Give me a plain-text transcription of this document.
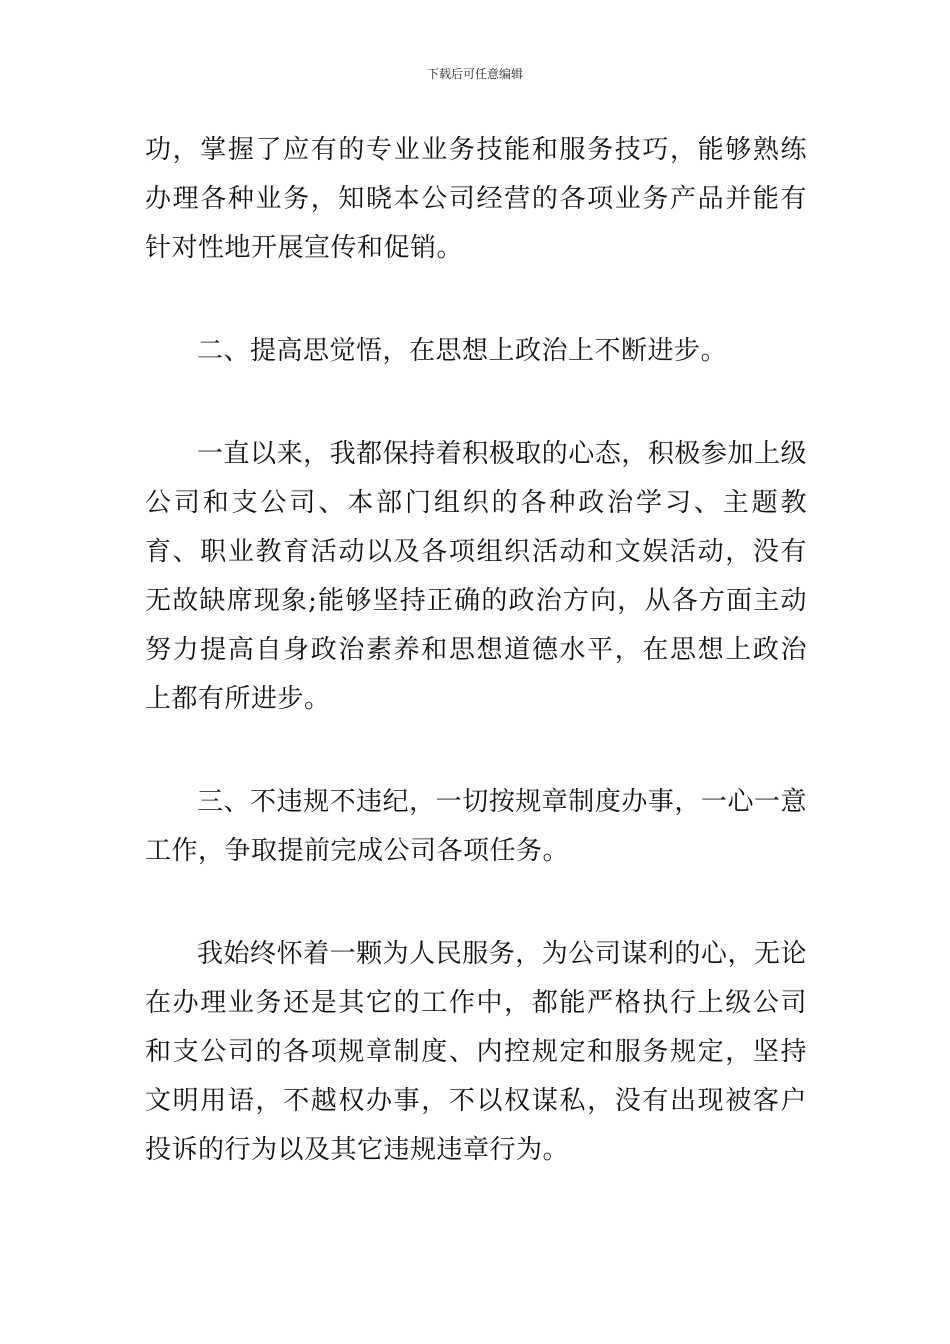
下载后可任意编辑

功，掌握了应有的专业业务技能和服务技巧，能够熟练办理各种业务，知晓本公司经营的各项业务产品并能有针对性地开展宣传和促销。

二、提高思觉悟，在思想上政治上不断进步。

一直以来，我都保持着积极取的心态，积极参加上级公司和支公司、本部门组织的各种政治学习、主题教育、职业教育活动以及各项组织活动和文娱活动，没有无故缺席现象;能够坚持正确的政治方向，从各方面主动努力提高自身政治素养和思想道德水平，在思想上政治上都有所进步。

三、不违规不违纪，一切按规章制度办事，一心一意工作，争取提前完成公司各项任务。

我始终怀着一颗为人民服务，为公司谋利的心，无论在办理业务还是其它的工作中，都能严格执行上级公司和支公司的各项规章制度、内控规定和服务规定，坚持文明用语，不越权办事，不以权谋私，没有出现被客户投诉的行为以及其它违规违章行为。
